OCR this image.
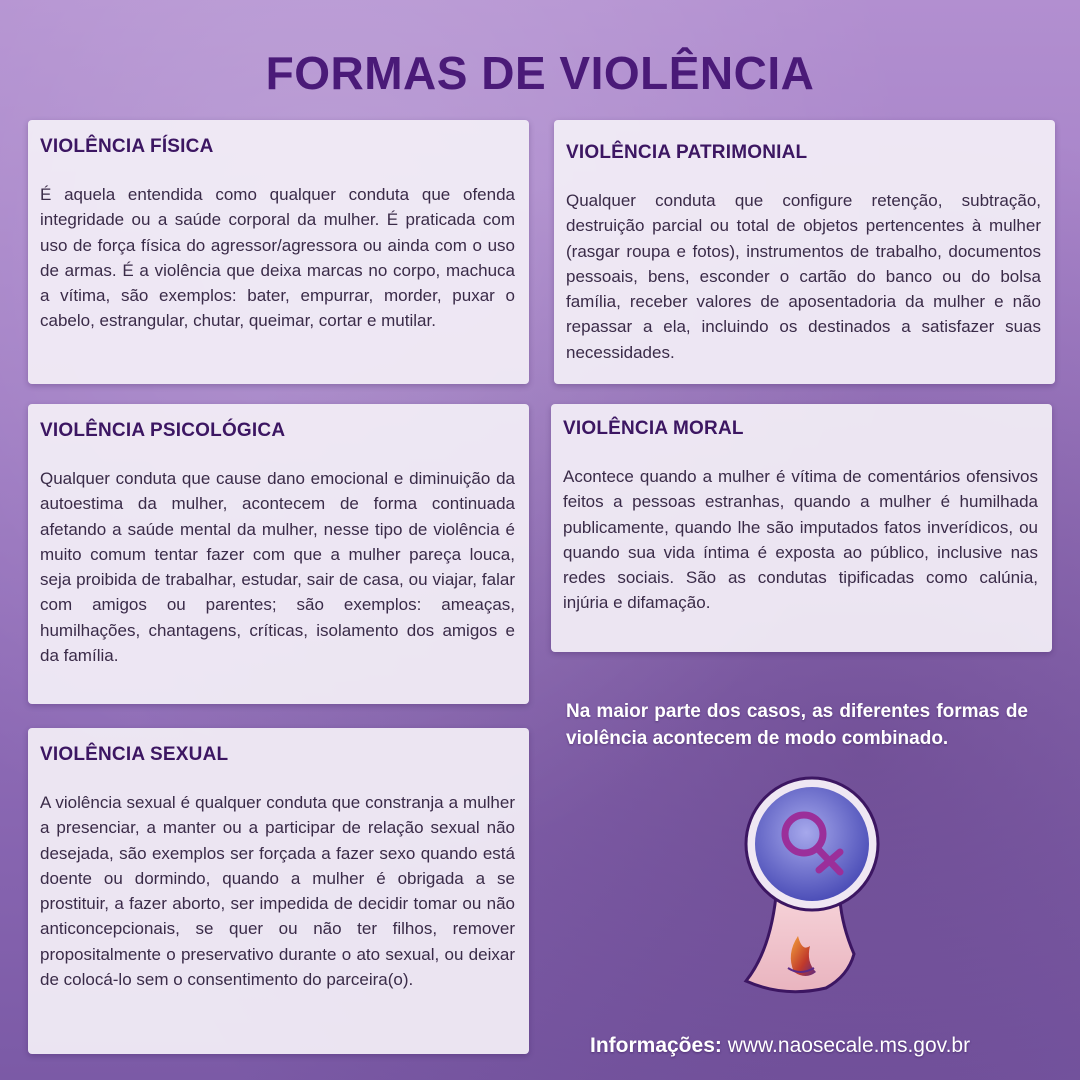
FORMAS DE VIOLÊNCIA
VIOLÊNCIA FÍSICA

É aquela entendida como qualquer conduta que ofenda integridade ou a saúde corporal da mulher. É praticada com uso de força física do agressor/agressora ou ainda com o uso de armas. É a violência que deixa marcas no corpo, machuca a vítima, são exemplos: bater, empurrar, morder, puxar o cabelo, estrangular, chutar, queimar, cortar e mutilar.

VIOLÊNCIA PATRIMONIAL

Qualquer conduta que configure retenção, subtração, destruição parcial ou total de objetos pertencentes à mulher (rasgar roupa e fotos), instrumentos de trabalho, documentos pessoais, bens, esconder o cartão do banco ou do bolsa família, receber valores de aposentadoria da mulher e não repassar a ela, incluindo os destinados a satisfazer suas necessidades.

VIOLÊNCIA PSICOLÓGICA

Qualquer conduta que cause dano emocional e diminuição da autoestima da mulher, acontecem de forma continuada afetando a saúde mental da mulher, nesse tipo de violência é muito comum tentar fazer com que a mulher pareça louca, seja proibida de trabalhar, estudar, sair de casa, ou viajar, falar com amigos ou parentes; são exemplos: ameaças, humilhações, chantagens, críticas, isolamento dos amigos e da família.

VIOLÊNCIA MORAL

Acontece quando a mulher é vítima de comentários ofensivos feitos a pessoas estranhas, quando a mulher é humilhada publicamente, quando lhe são imputados fatos inverídicos, ou quando sua vida íntima é exposta ao público, inclusive nas redes sociais. São as condutas tipificadas como calúnia, injúria e difamação.

VIOLÊNCIA SEXUAL

A violência sexual é qualquer conduta que constranja a mulher a presenciar, a manter ou a participar de relação sexual não desejada, são exemplos ser forçada a fazer sexo quando está doente ou dormindo, quando a mulher é obrigada a se prostituir, a fazer aborto, ser impedida de decidir tomar ou não anticoncepcionais, se quer ou não ter filhos, remover propositalmente o preservativo durante o ato sexual, ou deixar de colocá-lo sem o consentimento do parceira(o).

Na maior parte dos casos, as diferentes formas de violência acontecem de modo combinado.

Informações: www.naosecale.ms.gov.br
